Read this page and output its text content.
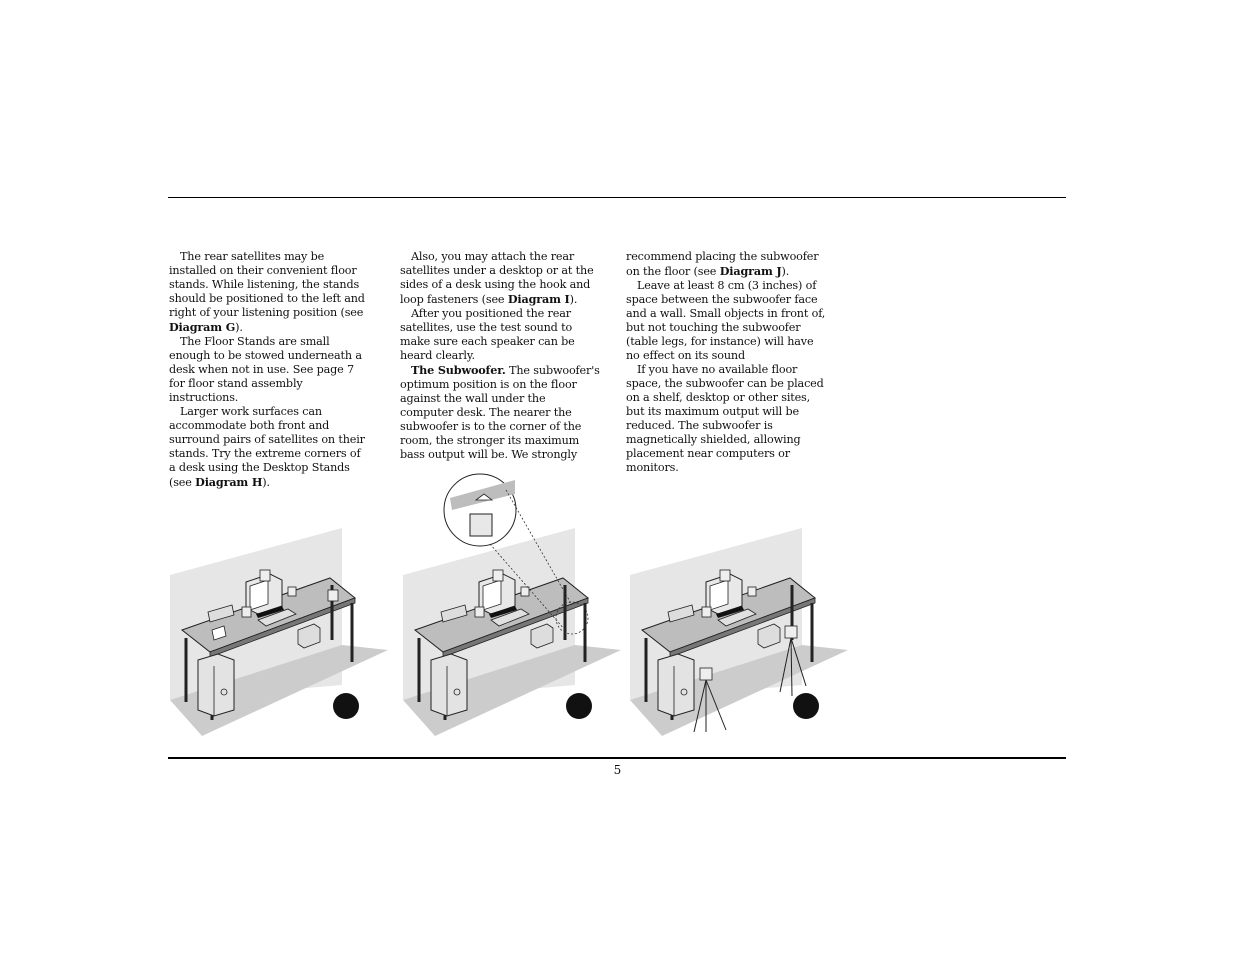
The rear satellites may be installed on their convenient floor stands. While listening, the stands should be positioned to the left and right of your listening position (see Diagram G).

The Floor Stands are small enough to be stowed underneath a desk when not in use. See page 7 for floor stand assembly instructions.

Larger work surfaces can accommodate both front and surround pairs of satellites on their stands. Try the extreme corners of a desk using the Desktop Stands (see Diagram H).

Also, you may attach the rear satellites under a desktop or at the sides of a desk using the hook and loop fasteners (see Diagram I).

After you positioned the rear satellites, use the test sound to make sure each speaker can be heard clearly.

The Subwoofer. The subwoofer's optimum position is on the floor against the wall under the computer desk. The nearer the subwoofer is to the corner of the room, the stronger its maximum bass output will be. We strongly

recommend placing the subwoofer on the floor (see Diagram J).

Leave at least 8 cm (3 inches) of space between the subwoofer face and a wall. Small objects in front of, but not touching the subwoofer (table legs, for instance) will have no effect on its sound

If you have no available floor space, the subwoofer can be placed on a shelf, desktop or other sites, but its maximum output will be reduced. The subwoofer is magnetically shielded, allowing placement near computers or monitors.

5
